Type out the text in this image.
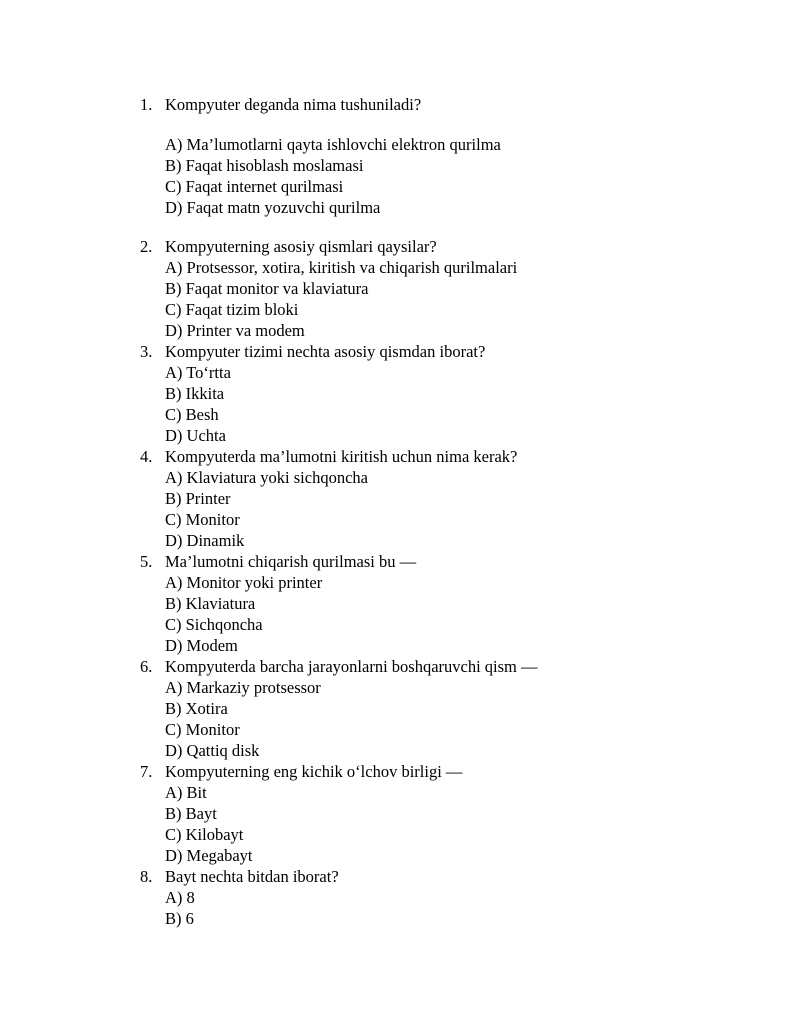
1. Kompyuter deganda nima tushuniladi?
A) Ma’lumotlarni qayta ishlovchi elektron qurilma
B) Faqat hisoblash moslamasi
C) Faqat internet qurilmasi
D) Faqat matn yozuvchi qurilma
2. Kompyuterning asosiy qismlari qaysilar?
A) Protsessor, xotira, kiritish va chiqarish qurilmalari
B) Faqat monitor va klaviatura
C) Faqat tizim bloki
D) Printer va modem
3. Kompyuter tizimi nechta asosiy qismdan iborat?
A) To‘rtta
B) Ikkita
C) Besh
D) Uchta
4. Kompyuterda ma’lumotni kiritish uchun nima kerak?
A) Klaviatura yoki sichqoncha
B) Printer
C) Monitor
D) Dinamik
5. Ma’lumotni chiqarish qurilmasi bu —
A) Monitor yoki printer
B) Klaviatura
C) Sichqoncha
D) Modem
6. Kompyuterda barcha jarayonlarni boshqaruvchi qism —
A) Markaziy protsessor
B) Xotira
C) Monitor
D) Qattiq disk
7. Kompyuterning eng kichik o‘lchov birligi —
A) Bit
B) Bayt
C) Kilobayt
D) Megabayt
8. Bayt nechta bitdan iborat?
A) 8
B) 6
